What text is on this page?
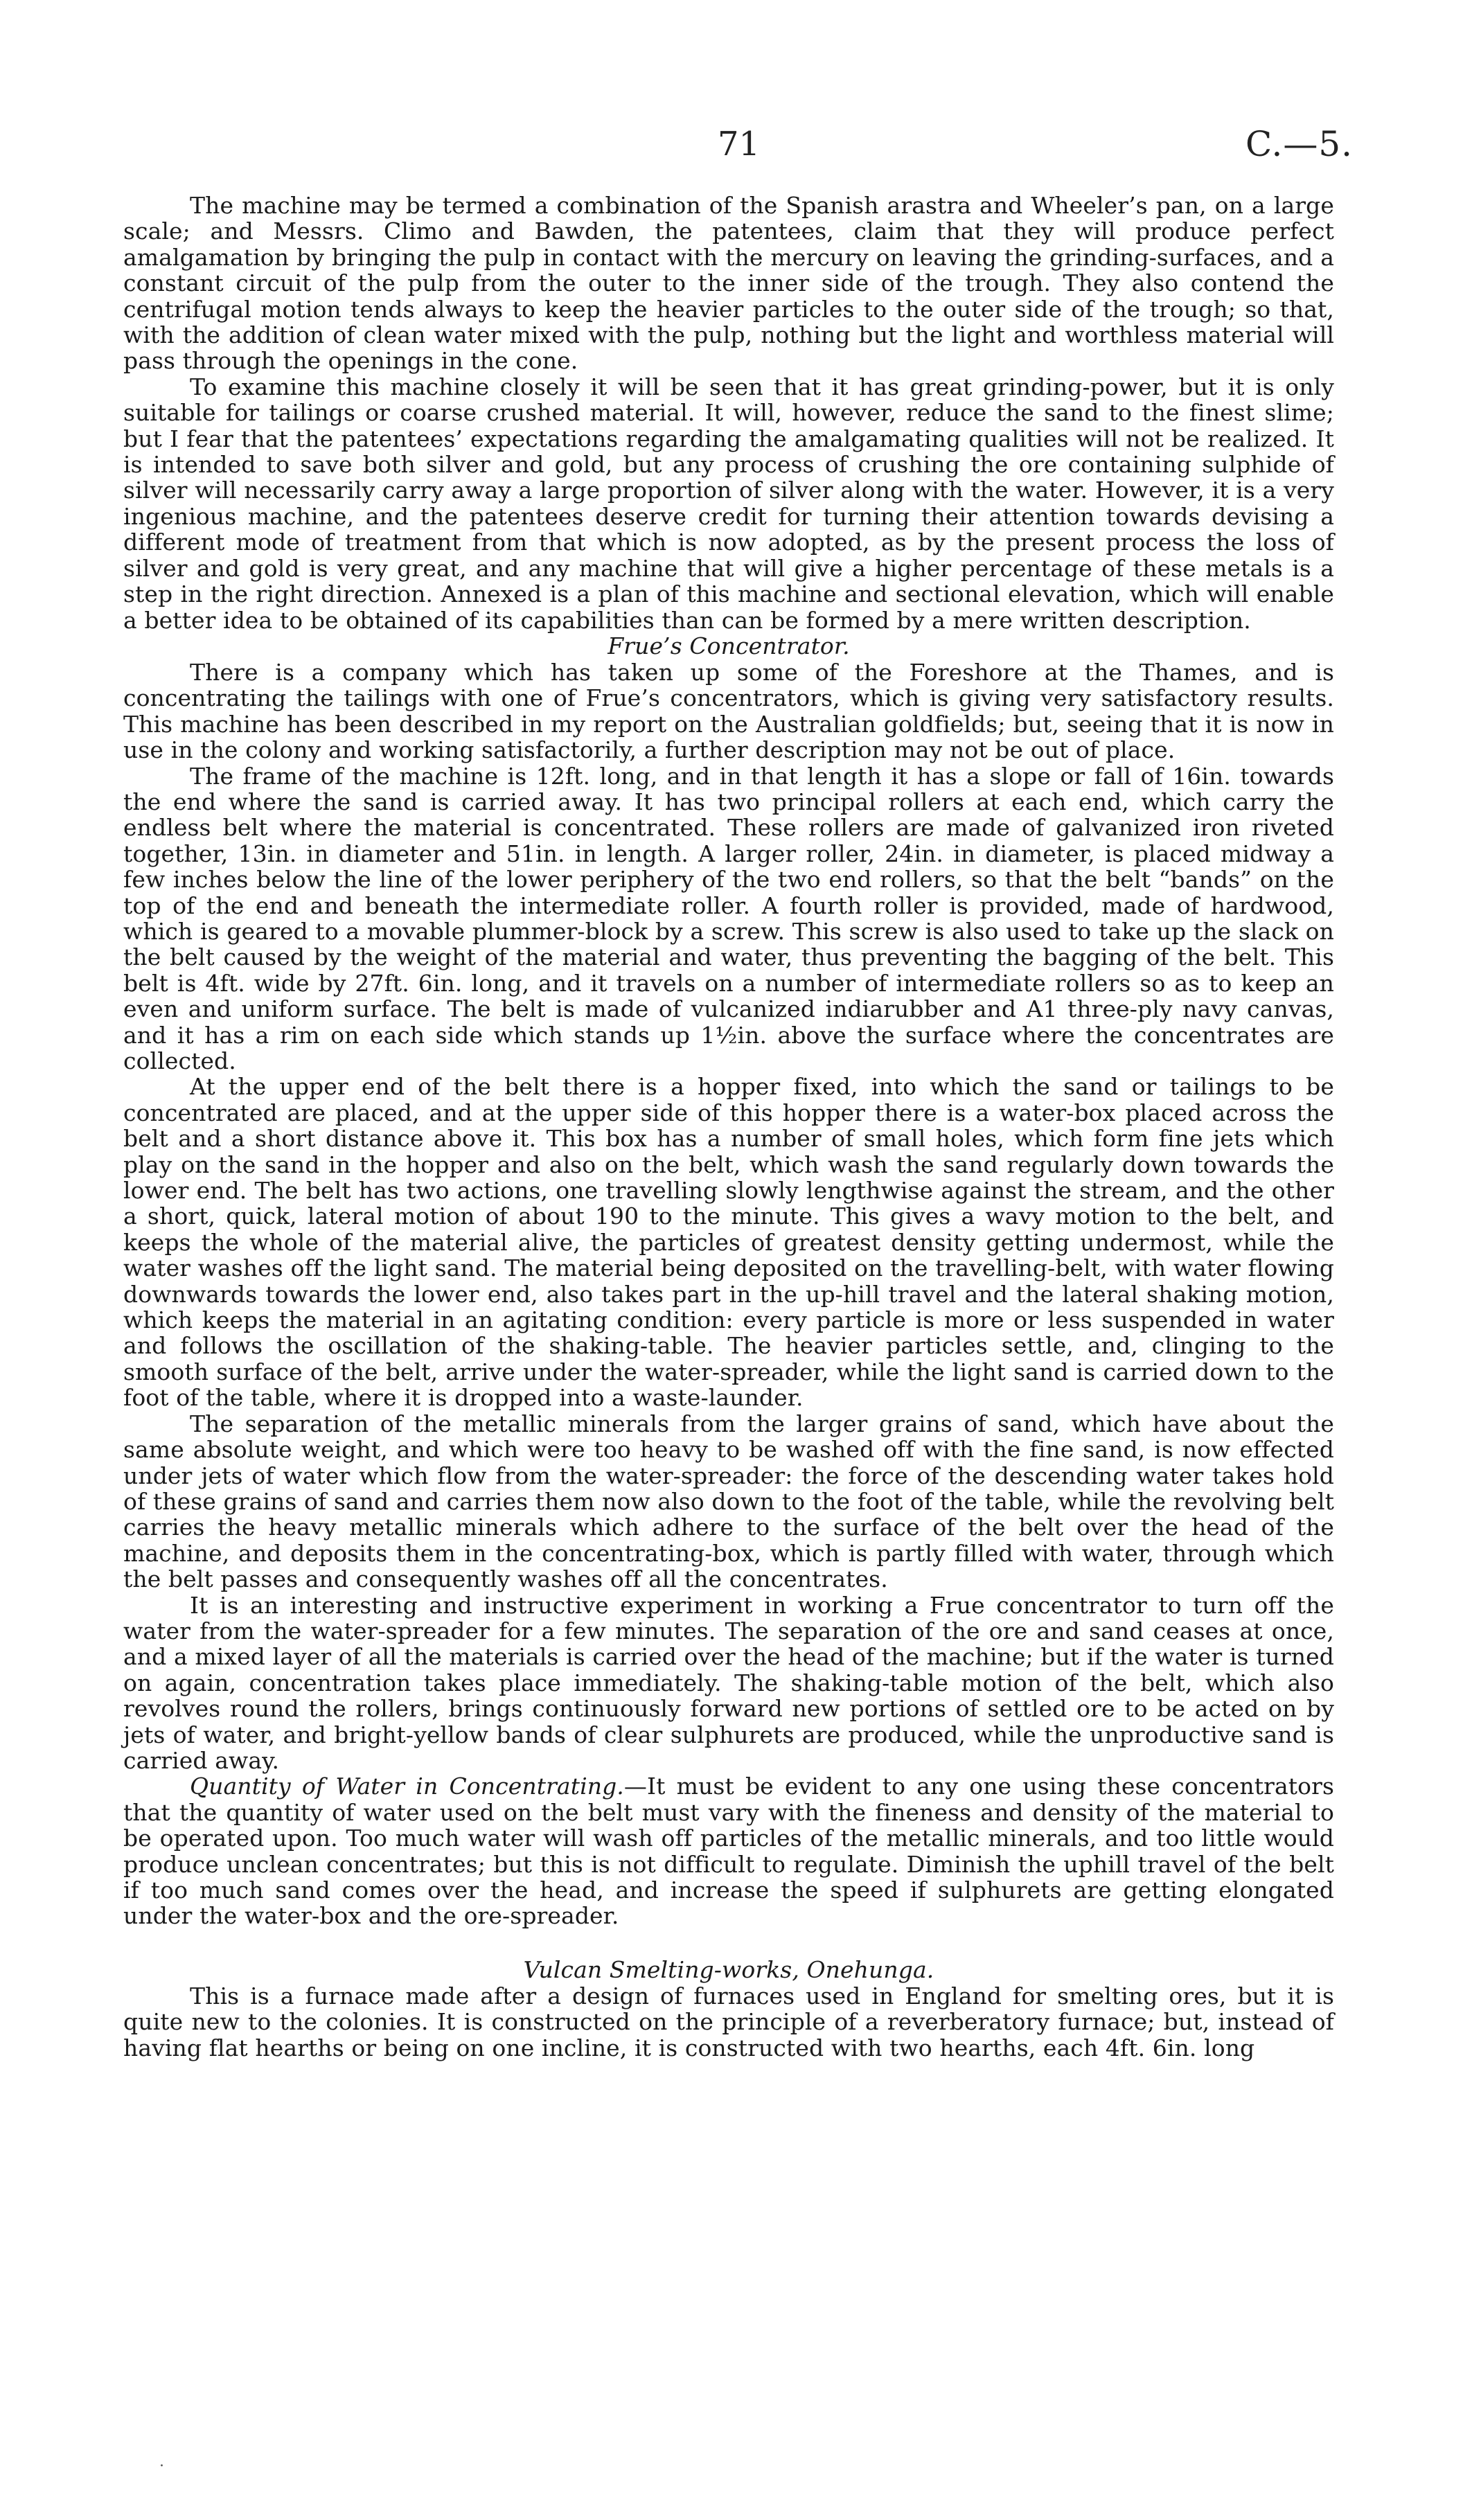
71	C.—5.

The machine may be termed a combination of the Spanish arastra and Wheeler’s pan, on a large scale; and Messrs. Climo and Bawden, the patentees, claim that they will produce perfect amalgamation by bringing the pulp in contact with the mercury on leaving the grinding-surfaces, and a constant circuit of the pulp from the outer to the inner side of the trough. They also contend the centrifugal motion tends always to keep the heavier particles to the outer side of the trough; so that, with the addition of clean water mixed with the pulp, nothing but the light and worthless material will pass through the openings in the cone.

To examine this machine closely it will be seen that it has great grinding-power, but it is only suitable for tailings or coarse crushed material. It will, however, reduce the sand to the finest slime; but I fear that the patentees’ expectations regarding the amalgamating qualities will not be realized. It is intended to save both silver and gold, but any process of crushing the ore containing sulphide of silver will necessarily carry away a large proportion of silver along with the water. However, it is a very ingenious machine, and the patentees deserve credit for turning their attention towards devising a different mode of treatment from that which is now adopted, as by the present process the loss of silver and gold is very great, and any machine that will give a higher percentage of these metals is a step in the right direction. Annexed is a plan of this machine and sectional elevation, which will enable a better idea to be obtained of its capabilities than can be formed by a mere written description.

Frue’s Concentrator.

There is a company which has taken up some of the Foreshore at the Thames, and is concentrating the tailings with one of Frue’s concentrators, which is giving very satisfactory results. This machine has been described in my report on the Australian goldfields; but, seeing that it is now in use in the colony and working satisfactorily, a further description may not be out of place.

The frame of the machine is 12ft. long, and in that length it has a slope or fall of 16in. towards the end where the sand is carried away. It has two principal rollers at each end, which carry the endless belt where the material is concentrated. These rollers are made of galvanized iron riveted together, 13in. in diameter and 51in. in length. A larger roller, 24in. in diameter, is placed midway a few inches below the line of the lower periphery of the two end rollers, so that the belt “bands” on the top of the end and beneath the intermediate roller. A fourth roller is provided, made of hardwood, which is geared to a movable plummer-block by a screw. This screw is also used to take up the slack on the belt caused by the weight of the material and water, thus preventing the bagging of the belt. This belt is 4ft. wide by 27ft. 6in. long, and it travels on a number of intermediate rollers so as to keep an even and uniform surface. The belt is made of vulcanized indiarubber and A1 three-ply navy canvas, and it has a rim on each side which stands up 1½in. above the surface where the concentrates are collected.

At the upper end of the belt there is a hopper fixed, into which the sand or tailings to be concentrated are placed, and at the upper side of this hopper there is a water-box placed across the belt and a short distance above it. This box has a number of small holes, which form fine jets which play on the sand in the hopper and also on the belt, which wash the sand regularly down towards the lower end. The belt has two actions, one travelling slowly lengthwise against the stream, and the other a short, quick, lateral motion of about 190 to the minute. This gives a wavy motion to the belt, and keeps the whole of the material alive, the particles of greatest density getting undermost, while the water washes off the light sand. The material being deposited on the travelling-belt, with water flowing downwards towards the lower end, also takes part in the up-hill travel and the lateral shaking motion, which keeps the material in an agitating condition: every particle is more or less suspended in water and follows the oscillation of the shaking-table. The heavier particles settle, and, clinging to the smooth surface of the belt, arrive under the water-spreader, while the light sand is carried down to the foot of the table, where it is dropped into a waste-launder.

The separation of the metallic minerals from the larger grains of sand, which have about the same absolute weight, and which were too heavy to be washed off with the fine sand, is now effected under jets of water which flow from the water-spreader: the force of the descending water takes hold of these grains of sand and carries them now also down to the foot of the table, while the revolving belt carries the heavy metallic minerals which adhere to the surface of the belt over the head of the machine, and deposits them in the concentrating-box, which is partly filled with water, through which the belt passes and consequently washes off all the concentrates.

It is an interesting and instructive experiment in working a Frue concentrator to turn off the water from the water-spreader for a few minutes. The separation of the ore and sand ceases at once, and a mixed layer of all the materials is carried over the head of the machine; but if the water is turned on again, concentration takes place immediately. The shaking-table motion of the belt, which also revolves round the rollers, brings continuously forward new portions of settled ore to be acted on by jets of water, and bright-yellow bands of clear sulphurets are produced, while the unproductive sand is carried away.

Quantity of Water in Concentrating.—It must be evident to any one using these concentrators that the quantity of water used on the belt must vary with the fineness and density of the material to be operated upon. Too much water will wash off particles of the metallic minerals, and too little would produce unclean concentrates; but this is not difficult to regulate. Diminish the uphill travel of the belt if too much sand comes over the head, and increase the speed if sulphurets are getting elongated under the water-box and the ore-spreader.

Vulcan Smelting-works, Onehunga.

This is a furnace made after a design of furnaces used in England for smelting ores, but it is quite new to the colonies. It is constructed on the principle of a reverberatory furnace; but, instead of having flat hearths or being on one incline, it is constructed with two hearths, each 4ft. 6in. long

·
